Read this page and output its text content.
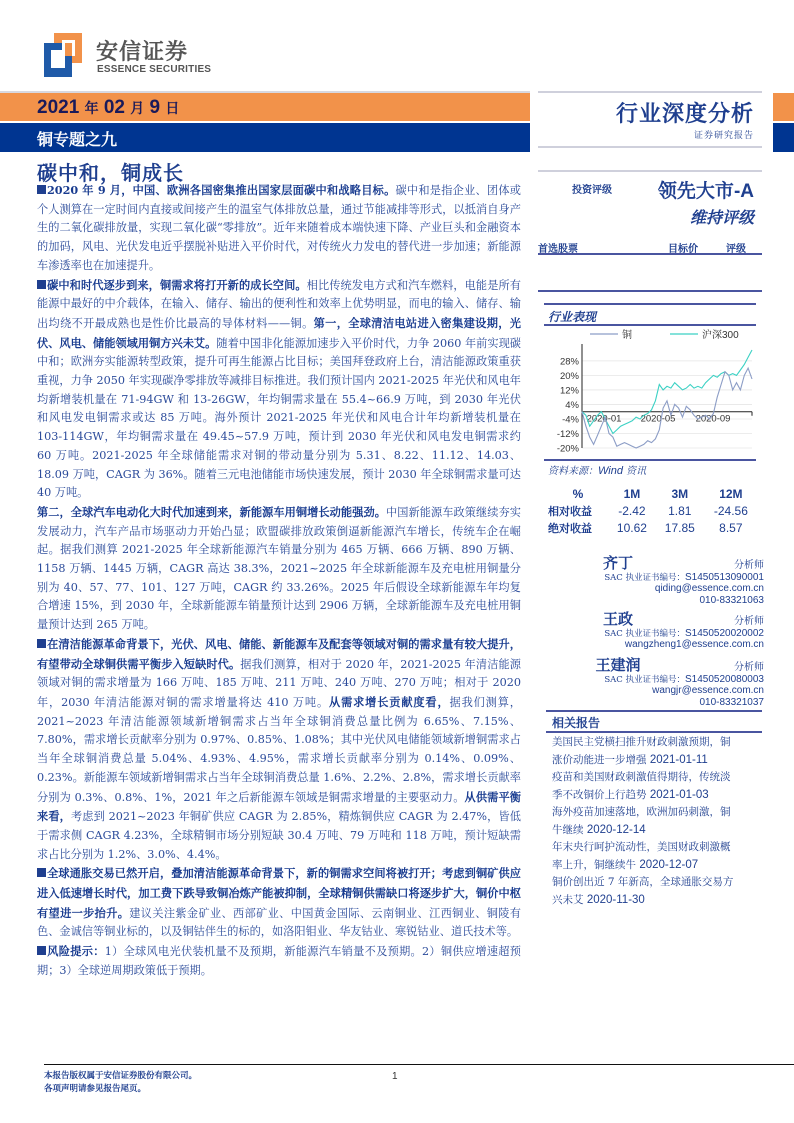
安信证券
ESSENCE SECURITIES
2021 年 02 月 9 日
铜专题之九
行业深度分析
证券研究报告
投资评级 领先大市-A
维持评级
首选股票	目标价	评级
行业表现
铜	沪深300
28%
20%
12%
4%
-4%
-12%
-20%
2020-01 2020-05 2020-09
资料来源：Wind 资讯
%	1M	3M	12M
相对收益	-2.42	1.81	-24.56
绝对收益	10.62	17.85	8.57
齐丁	分析师
SAC 执业证书编号：S1450513090001
qiding@essence.com.cn
010-83321063
王政	分析师
SAC 执业证书编号：S1450520020002
wangzheng1@essence.com.cn
王建润	分析师
SAC 执业证书编号：S1450520080003
wangjr@essence.com.cn
010-83321037
相关报告
美国民主党横扫推升财政刺激预期，铜
涨价动能进一步增强 2021-01-11
疫苗和美国财政刺激值得期待，传统淡
季不改铜价上行趋势 2021-01-03
海外疫苗加速落地，欧洲加码刺激，铜
牛继续 2020-12-14
年末央行呵护流动性，美国财政刺激概
率上升，铜继续牛 2020-12-07
铜价创出近 7 年新高，全球通胀交易方
兴未艾 2020-11-30
碳中和，铜成长

2020 年 9 月，中国、欧洲各国密集推出国家层面碳中和战略目标。碳中和是指企业、团体或个人测算在一定时间内直接或间接产生的温室气体排放总量，通过节能减排等形式，以抵消自身产生的二氧化碳排放量，实现二氧化碳“零排放”。近年来随着成本端快速下降、产业巨头和金融资本的加码，风电、光伏发电近乎摆脱补贴进入平价时代，对传统火力发电的替代进一步加速；新能源车渗透率也在加速提升。

碳中和时代逐步到来，铜需求将打开新的成长空间。相比传统发电方式和汽车燃料，电能是所有能源中最好的中介载体，在输入、储存、输出的便利性和效率上优势明显，而电的输入、储存、输出均绕不开最成熟也是性价比最高的导体材料——铜。第一，全球清洁电站进入密集建设期，光伏、风电、储能领域用铜方兴未艾。随着中国非化能源加速步入平价时代，力争 2060 年前实现碳中和；欧洲夯实能源转型政策，提升可再生能源占比目标；美国拜登政府上台，清洁能源政策重获重视，力争 2050 年实现碳净零排放等减排目标推进。我们预计国内 2021-2025 年光伏和风电年均新增装机量在 71-94GW 和 13-26GW，年均铜需求量在 55.4~66.9 万吨，到 2030 年光伏和风电发电铜需求或达 85 万吨。海外预计 2021-2025 年光伏和风电合计年均新增装机量在 103-114GW，年均铜需求量在 49.45~57.9 万吨，预计到 2030 年光伏和风电发电铜需求约 60 万吨。2021-2025 年全球储能需求对铜的带动量分别为 5.31、8.22、11.12、14.03、18.09 万吨，CAGR 为 36%。随着三元电池储能市场快速发展，预计 2030 年全球铜需求量可达 40 万吨。

第二，全球汽车电动化大时代加速到来，新能源车用铜增长动能强劲。中国新能源车政策继续夯实发展动力，汽车产品市场驱动力开始凸显；欧盟碳排放政策倒逼新能源汽车增长，传统车企在崛起。据我们测算 2021-2025 年全球新能源汽车销量分别为 465 万辆、666 万辆、890 万辆、1158 万辆、1445 万辆，CAGR 高达 38.3%，2021~2025 年全球新能源车及充电桩用铜量分别为 40、57、77、101、127 万吨，CAGR 约 33.26%。2025 年后假设全球新能源车年均复合增速 15%，到 2030 年，全球新能源车销量预计达到 2906 万辆，全球新能源车及充电桩用铜量预计达到 265 万吨。

在清洁能源革命背景下，光伏、风电、储能、新能源车及配套等领域对铜的需求量有较大提升，有望带动全球铜供需平衡步入短缺时代。据我们测算，相对于 2020 年，2021-2025 年清洁能源领域对铜的需求增量为 166 万吨、185 万吨、211 万吨、240 万吨、270 万吨；相对于 2020 年，2030 年清洁能源对铜的需求增量将达 410 万吨。从需求增长贡献度看，据我们测算，2021~2023 年清洁能源领域新增铜需求占当年全球铜消费总量比例为 6.65%、7.15%、7.80%，需求增长贡献率分别为 0.97%、0.85%、1.08%；其中光伏风电储能领域新增铜需求占当年全球铜消费总量 5.04%、4.93%、4.95%，需求增长贡献率分别为 0.14%、0.09%、0.23%。新能源车领域新增铜需求占当年全球铜消费总量 1.6%、2.2%、2.8%，需求增长贡献率分别为 0.3%、0.8%、1%，2021 年之后新能源车领域是铜需求增量的主要驱动力。从供需平衡来看，考虑到 2021~2023 年铜矿供应 CAGR 为 2.85%，精炼铜供应 CAGR 为 2.47%，皆低于需求侧 CAGR 4.23%，全球精铜市场分别短缺 30.4 万吨、79 万吨和 118 万吨，预计短缺需求占比分别为 1.2%、3.0%、4.4%。

全球通胀交易已然开启，叠加清洁能源革命背景下，新的铜需求空间将被打开；考虑到铜矿供应进入低速增长时代，加工费下跌导致铜冶炼产能被抑制，全球精铜供需缺口将逐步扩大，铜价中枢有望进一步抬升。建议关注紫金矿业、西部矿业、中国黄金国际、云南铜业、江西铜业、铜陵有色、金诚信等铜业标的，以及铜钴伴生的标的，如洛阳钼业、华友钴业、寒锐钴业、道氏技术等。

风险提示：1）全球风电光伏装机量不及预期，新能源汽车销量不及预期。2）铜供应增速超预期；3）全球逆周期政策低于预期。

本报告版权属于安信证券股份有限公司。
各项声明请参见报告尾页。
1
